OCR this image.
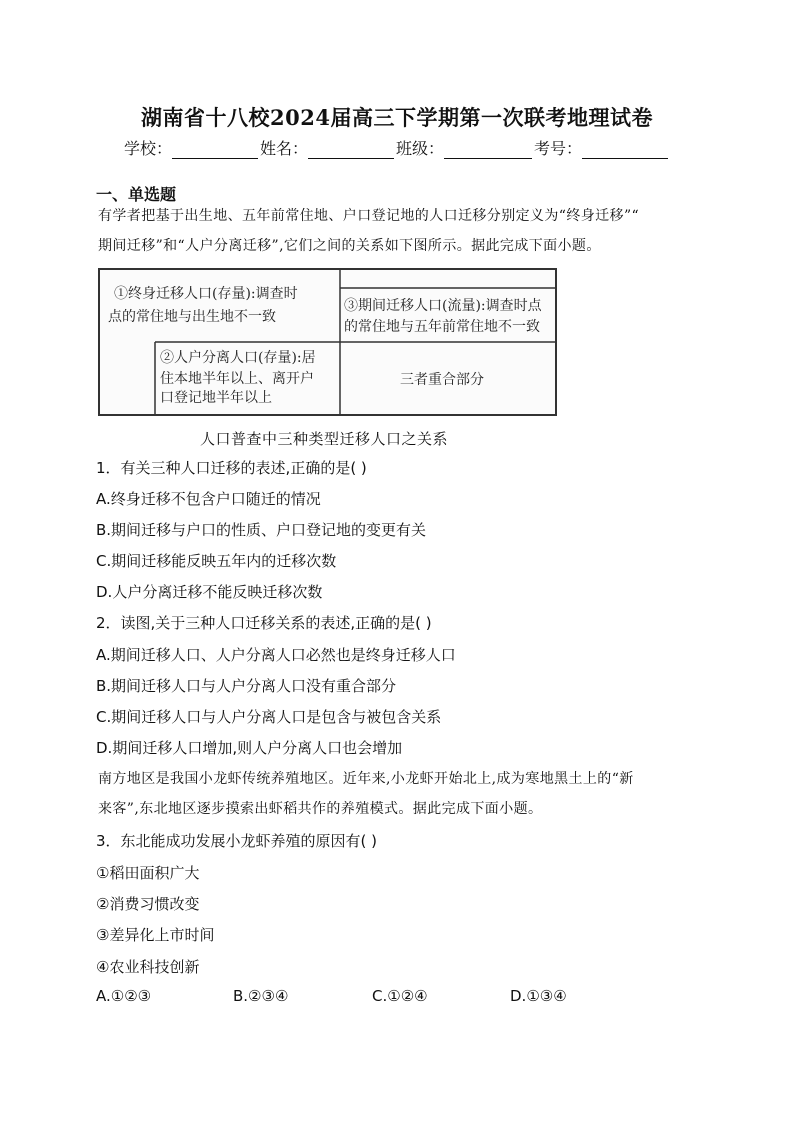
湖南省十八校2024届高三下学期第一次联考地理试卷
学校：	姓名：	班级：	考号：
一、单选题
有学者把基于出生地、五年前常住地、户口登记地的人口迁移分别定义为“终身迁移”“
期间迁移”和“人户分离迁移”,它们之间的关系如下图所示。据此完成下面小题。
①终身迁移人口(存量):调查时
点的常住地与出生地不一致
③期间迁移人口(流量):调查时点
的常住地与五年前常住地不一致
②人户分离人口(存量):居
住本地半年以上、离开户
口登记地半年以上
三者重合部分
人口普查中三种类型迁移人口之关系
1．有关三种人口迁移的表述,正确的是( )
A.终身迁移不包含户口随迁的情况
B.期间迁移与户口的性质、户口登记地的变更有关
C.期间迁移能反映五年内的迁移次数
D.人户分离迁移不能反映迁移次数
2．读图,关于三种人口迁移关系的表述,正确的是( )
A.期间迁移人口、人户分离人口必然也是终身迁移人口
B.期间迁移人口与人户分离人口没有重合部分
C.期间迁移人口与人户分离人口是包含与被包含关系
D.期间迁移人口增加,则人户分离人口也会增加
南方地区是我国小龙虾传统养殖地区。近年来,小龙虾开始北上,成为寒地黑土上的“新
来客”,东北地区逐步摸索出虾稻共作的养殖模式。据此完成下面小题。
3．东北能成功发展小龙虾养殖的原因有( )
①稻田面积广大
②消费习惯改变
③差异化上市时间
④农业科技创新
A.①②③	B.②③④	C.①②④	D.①③④
